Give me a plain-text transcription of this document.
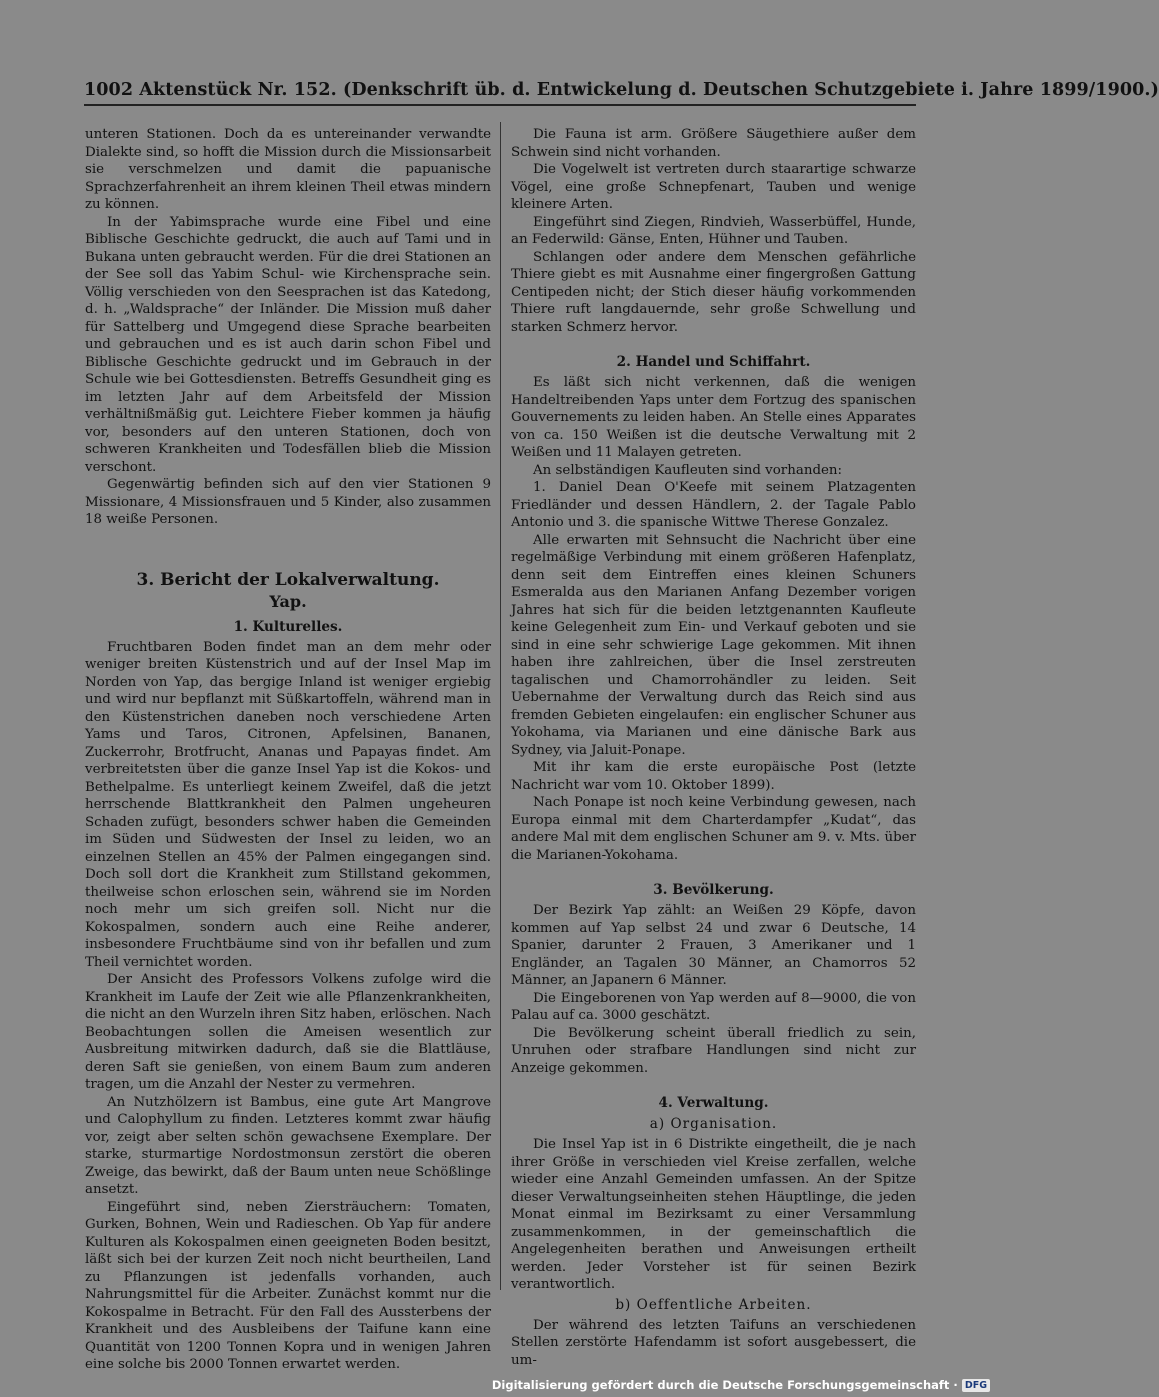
1002 Aktenstück Nr. 152. (Denkschrift üb. d. Entwickelung d. Deutschen Schutzgebiete i. Jahre 1899/1900.)

unteren Stationen. Doch da es untereinander verwandte Dialekte sind, so hofft die Mission durch die Missionsarbeit sie verschmelzen und damit die papuanische Sprachzerfahrenheit an ihrem kleinen Theil etwas mindern zu können.

In der Yabimsprache wurde eine Fibel und eine Biblische Geschichte gedruckt, die auch auf Tami und in Bukana unten gebraucht werden. Für die drei Stationen an der See soll das Yabim Schul- wie Kirchensprache sein. Völlig verschieden von den Seesprachen ist das Katedong, d. h. „Waldsprache“ der Inländer. Die Mission muß daher für Sattelberg und Umgegend diese Sprache bearbeiten und gebrauchen und es ist auch darin schon Fibel und Biblische Geschichte gedruckt und im Gebrauch in der Schule wie bei Gottesdiensten. Betreffs Gesundheit ging es im letzten Jahr auf dem Arbeitsfeld der Mission verhältnißmäßig gut. Leichtere Fieber kommen ja häufig vor, besonders auf den unteren Stationen, doch von schweren Krankheiten und Todesfällen blieb die Mission verschont.

Gegenwärtig befinden sich auf den vier Stationen 9 Missionare, 4 Missionsfrauen und 5 Kinder, also zusammen 18 weiße Personen.

3. Bericht der Lokalverwaltung.
Yap.
1. Kulturelles.

Fruchtbaren Boden findet man an dem mehr oder weniger breiten Küstenstrich und auf der Insel Map im Norden von Yap, das bergige Inland ist weniger ergiebig und wird nur bepflanzt mit Süßkartoffeln, während man in den Küstenstrichen daneben noch verschiedene Arten Yams und Taros, Citronen, Apfelsinen, Bananen, Zuckerrohr, Brotfrucht, Ananas und Papayas findet. Am verbreitetsten über die ganze Insel Yap ist die Kokos- und Bethelpalme. Es unterliegt keinem Zweifel, daß die jetzt herrschende Blattkrankheit den Palmen ungeheuren Schaden zufügt, besonders schwer haben die Gemeinden im Süden und Südwesten der Insel zu leiden, wo an einzelnen Stellen an 45% der Palmen eingegangen sind. Doch soll dort die Krankheit zum Stillstand gekommen, theilweise schon erloschen sein, während sie im Norden noch mehr um sich greifen soll. Nicht nur die Kokospalmen, sondern auch eine Reihe anderer, insbesondere Fruchtbäume sind von ihr befallen und zum Theil vernichtet worden.

Der Ansicht des Professors Volkens zufolge wird die Krankheit im Laufe der Zeit wie alle Pflanzenkrankheiten, die nicht an den Wurzeln ihren Sitz haben, erlöschen. Nach Beobachtungen sollen die Ameisen wesentlich zur Ausbreitung mitwirken dadurch, daß sie die Blattläuse, deren Saft sie genießen, von einem Baum zum anderen tragen, um die Anzahl der Nester zu vermehren.

An Nutzhölzern ist Bambus, eine gute Art Mangrove und Calophyllum zu finden. Letzteres kommt zwar häufig vor, zeigt aber selten schön gewachsene Exemplare. Der starke, sturmartige Nordostmonsun zerstört die oberen Zweige, das bewirkt, daß der Baum unten neue Schößlinge ansetzt.

Eingeführt sind, neben Ziersträuchern: Tomaten, Gurken, Bohnen, Wein und Radieschen. Ob Yap für andere Kulturen als Kokospalmen einen geeigneten Boden besitzt, läßt sich bei der kurzen Zeit noch nicht beurtheilen, Land zu Pflanzungen ist jedenfalls vorhanden, auch Nahrungsmittel für die Arbeiter. Zunächst kommt nur die Kokospalme in Betracht. Für den Fall des Aussterbens der Krankheit und des Ausbleibens der Taifune kann eine Quantität von 1200 Tonnen Kopra und in wenigen Jahren eine solche bis 2000 Tonnen erwartet werden.

Die Fauna ist arm. Größere Säugethiere außer dem Schwein sind nicht vorhanden.

Die Vogelwelt ist vertreten durch staarartige schwarze Vögel, eine große Schnepfenart, Tauben und wenige kleinere Arten.

Eingeführt sind Ziegen, Rindvieh, Wasserbüffel, Hunde, an Federwild: Gänse, Enten, Hühner und Tauben.

Schlangen oder andere dem Menschen gefährliche Thiere giebt es mit Ausnahme einer fingergroßen Gattung Centipeden nicht; der Stich dieser häufig vorkommenden Thiere ruft langdauernde, sehr große Schwellung und starken Schmerz hervor.

2. Handel und Schiffahrt.

Es läßt sich nicht verkennen, daß die wenigen Handeltreibenden Yaps unter dem Fortzug des spanischen Gouvernements zu leiden haben. An Stelle eines Apparates von ca. 150 Weißen ist die deutsche Verwaltung mit 2 Weißen und 11 Malayen getreten.

An selbständigen Kaufleuten sind vorhanden:

1. Daniel Dean O'Keefe mit seinem Platzagenten Friedländer und dessen Händlern, 2. der Tagale Pablo Antonio und 3. die spanische Wittwe Therese Gonzalez.

Alle erwarten mit Sehnsucht die Nachricht über eine regelmäßige Verbindung mit einem größeren Hafenplatz, denn seit dem Eintreffen eines kleinen Schuners Esmeralda aus den Marianen Anfang Dezember vorigen Jahres hat sich für die beiden letztgenannten Kaufleute keine Gelegenheit zum Ein- und Verkauf geboten und sie sind in eine sehr schwierige Lage gekommen. Mit ihnen haben ihre zahlreichen, über die Insel zerstreuten tagalischen und Chamorrohändler zu leiden. Seit Uebernahme der Verwaltung durch das Reich sind aus fremden Gebieten eingelaufen: ein englischer Schuner aus Yokohama, via Marianen und eine dänische Bark aus Sydney, via Jaluit-Ponape.

Mit ihr kam die erste europäische Post (letzte Nachricht war vom 10. Oktober 1899).

Nach Ponape ist noch keine Verbindung gewesen, nach Europa einmal mit dem Charterdampfer „Kudat“, das andere Mal mit dem englischen Schuner am 9. v. Mts. über die Marianen-Yokohama.

3. Bevölkerung.

Der Bezirk Yap zählt: an Weißen 29 Köpfe, davon kommen auf Yap selbst 24 und zwar 6 Deutsche, 14 Spanier, darunter 2 Frauen, 3 Amerikaner und 1 Engländer, an Tagalen 30 Männer, an Chamorros 52 Männer, an Japanern 6 Männer.

Die Eingeborenen von Yap werden auf 8—9000, die von Palau auf ca. 3000 geschätzt.

Die Bevölkerung scheint überall friedlich zu sein, Unruhen oder strafbare Handlungen sind nicht zur Anzeige gekommen.

4. Verwaltung.
a) Organisation.

Die Insel Yap ist in 6 Distrikte eingetheilt, die je nach ihrer Größe in verschieden viel Kreise zerfallen, welche wieder eine Anzahl Gemeinden umfassen. An der Spitze dieser Verwaltungseinheiten stehen Häuptlinge, die jeden Monat einmal im Bezirksamt zu einer Versammlung zusammenkommen, in der gemeinschaftlich die Angelegenheiten berathen und Anweisungen ertheilt werden. Jeder Vorsteher ist für seinen Bezirk verantwortlich.

b) Oeffentliche Arbeiten.

Der während des letzten Taifuns an verschiedenen Stellen zerstörte Hafendamm ist sofort ausgebessert, die um-

Digitalisierung gefördert durch die Deutsche Forschungsgemeinschaft · DFG
